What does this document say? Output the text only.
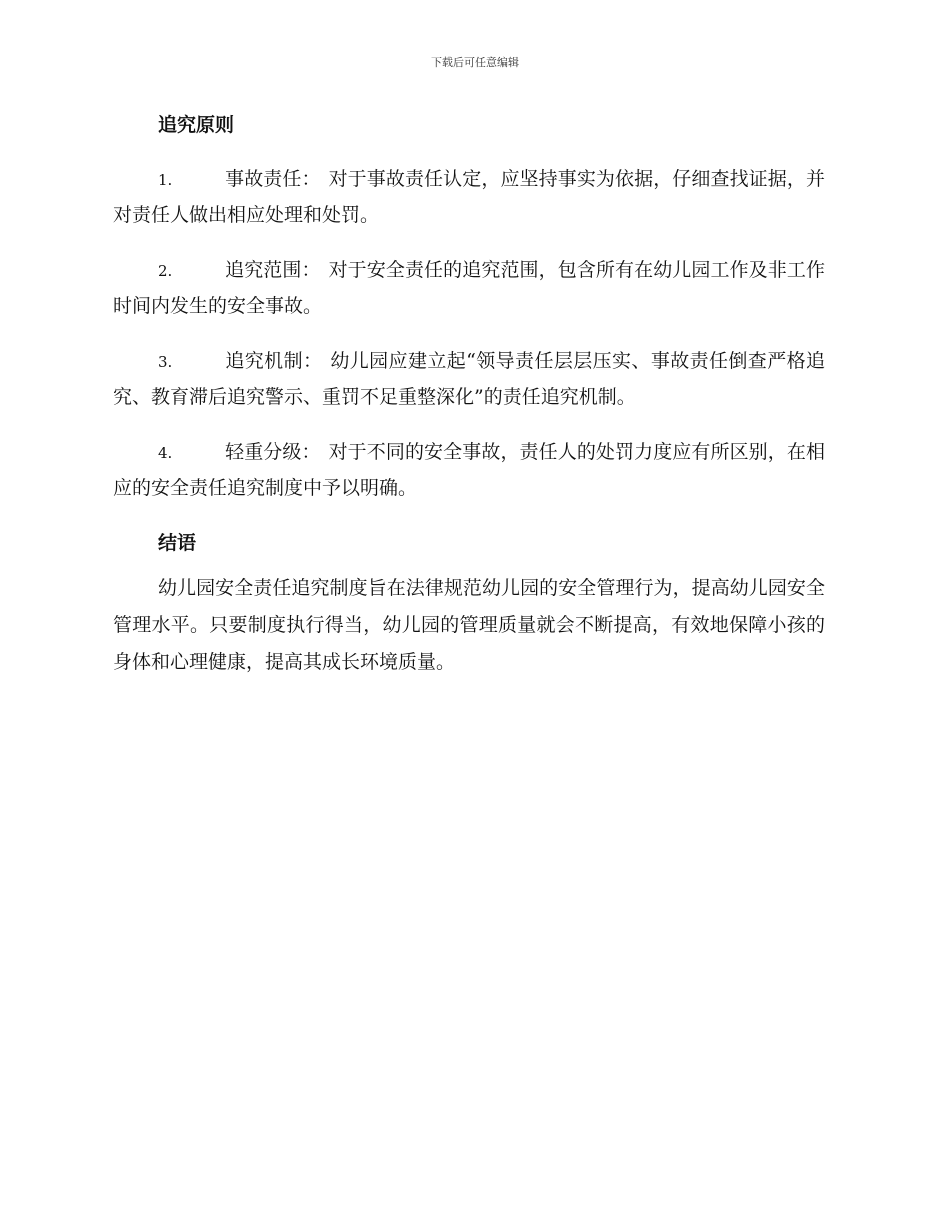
下载后可任意编辑
追究原则

1.	事故责任： 对于事故责任认定，应坚持事实为依据，仔细查找证据，并对责任人做出相应处理和处罚。

2.	追究范围： 对于安全责任的追究范围，包含所有在幼儿园工作及非工作时间内发生的安全事故。

3.	追究机制： 幼儿园应建立起“领导责任层层压实、事故责任倒查严格追究、教育滞后追究警示、重罚不足重整深化”的责任追究机制。

4.	轻重分级： 对于不同的安全事故，责任人的处罚力度应有所区别，在相应的安全责任追究制度中予以明确。

结语

幼儿园安全责任追究制度旨在法律规范幼儿园的安全管理行为，提高幼儿园安全管理水平。只要制度执行得当，幼儿园的管理质量就会不断提高，有效地保障小孩的身体和心理健康，提高其成长环境质量。
